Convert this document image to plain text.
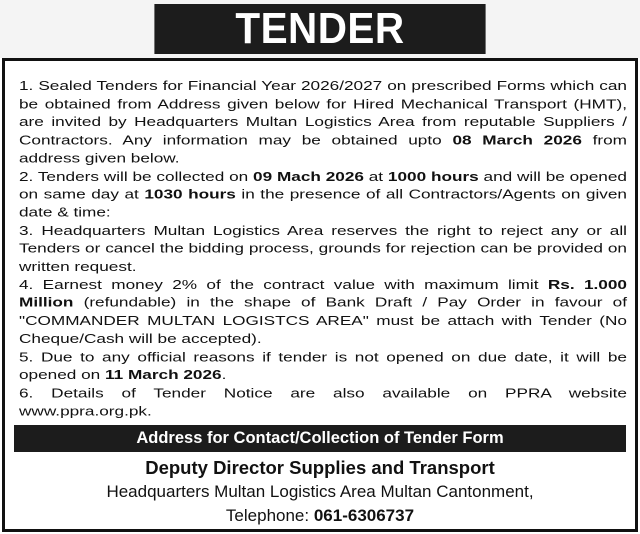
TENDER NOTICE

1. Sealed Tenders for Financial Year 2026/2027 on prescribed Forms which can be obtained from Address given below for Hired Mechanical Transport (HMT), are invited by Headquarters Multan Logistics Area from reputable Suppliers / Contractors. Any information may be obtained upto 08 March 2026 from address given below.

2. Tenders will be collected on 09 Mach 2026 at 1000 hours and will be opened on same day at 1030 hours in the presence of all Contractors/Agents on given date & time:

3. Headquarters Multan Logistics Area reserves the right to reject any or all Tenders or cancel the bidding process, grounds for rejection can be provided on written request.

4. Earnest money 2% of the contract value with maximum limit Rs. 1.000 Million (refundable) in the shape of Bank Draft / Pay Order in favour of "COMMANDER MULTAN LOGISTCS AREA" must be attach with Tender (No Cheque/Cash will be accepted).

5. Due to any official reasons if tender is not opened on due date, it will be opened on 11 March 2026.

6. Details of Tender Notice are also available on PPRA website www.ppra.org.pk.

Address for Contact/Collection of Tender Form
Deputy Director Supplies and Transport
Headquarters Multan Logistics Area Multan Cantonment,
Telephone: 061-6306737
